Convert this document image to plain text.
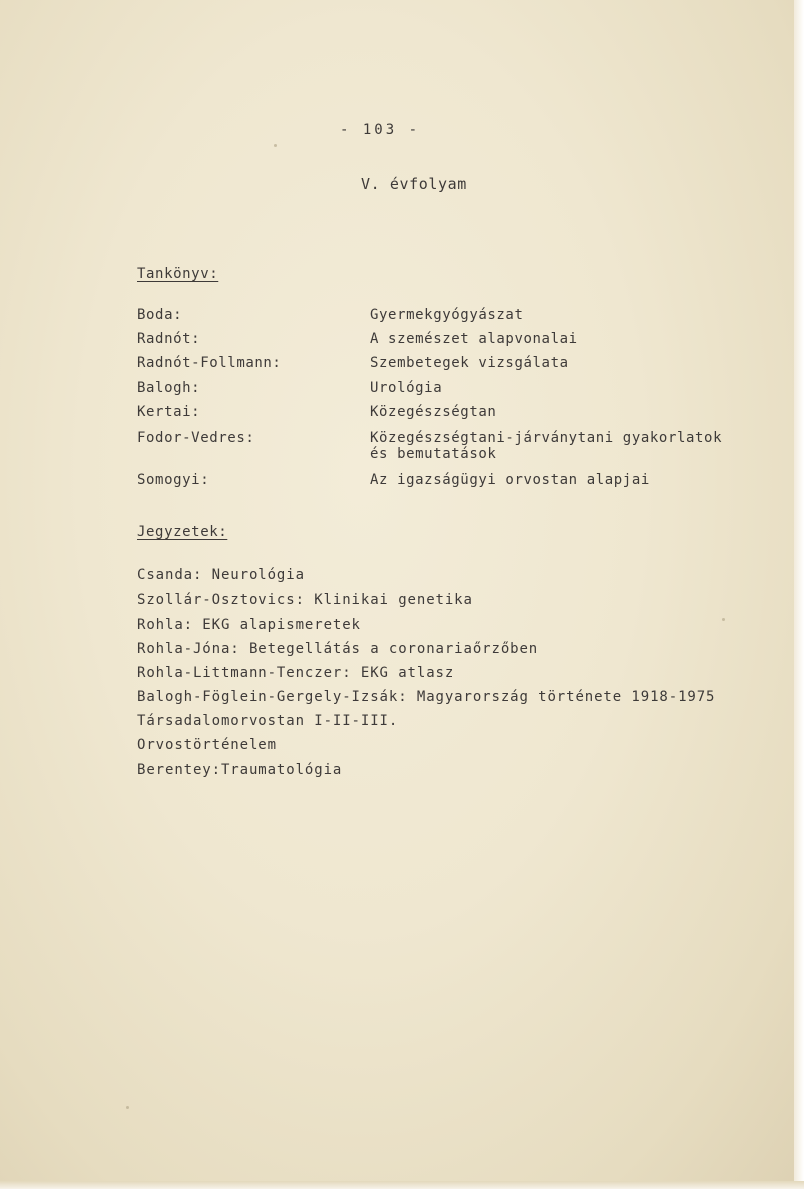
- 103 -
V. évfolyam
Tankönyv:
Boda:	Gyermekgyógyászat
Radnót:	A szemészet alapvonalai
Radnót-Follmann:	Szembetegek vizsgálata
Balogh:	Urológia
Kertai:	Közegészségtan
Fodor-Vedres:	Közegészségtani-járványtani gyakorlatok
és bemutatások
Somogyi:	Az igazságügyi orvostan alapjai
Jegyzetek:
Csanda: Neurológia
Szollár-Osztovics: Klinikai genetika
Rohla: EKG alapismeretek
Rohla-Jóna: Betegellátás a coronariaőrzőben
Rohla-Littmann-Tenczer: EKG atlasz
Balogh-Föglein-Gergely-Izsák: Magyarország története 1918-1975
Társadalomorvostan I-II-III.
Orvostörténelem
Berentey:Traumatológia
